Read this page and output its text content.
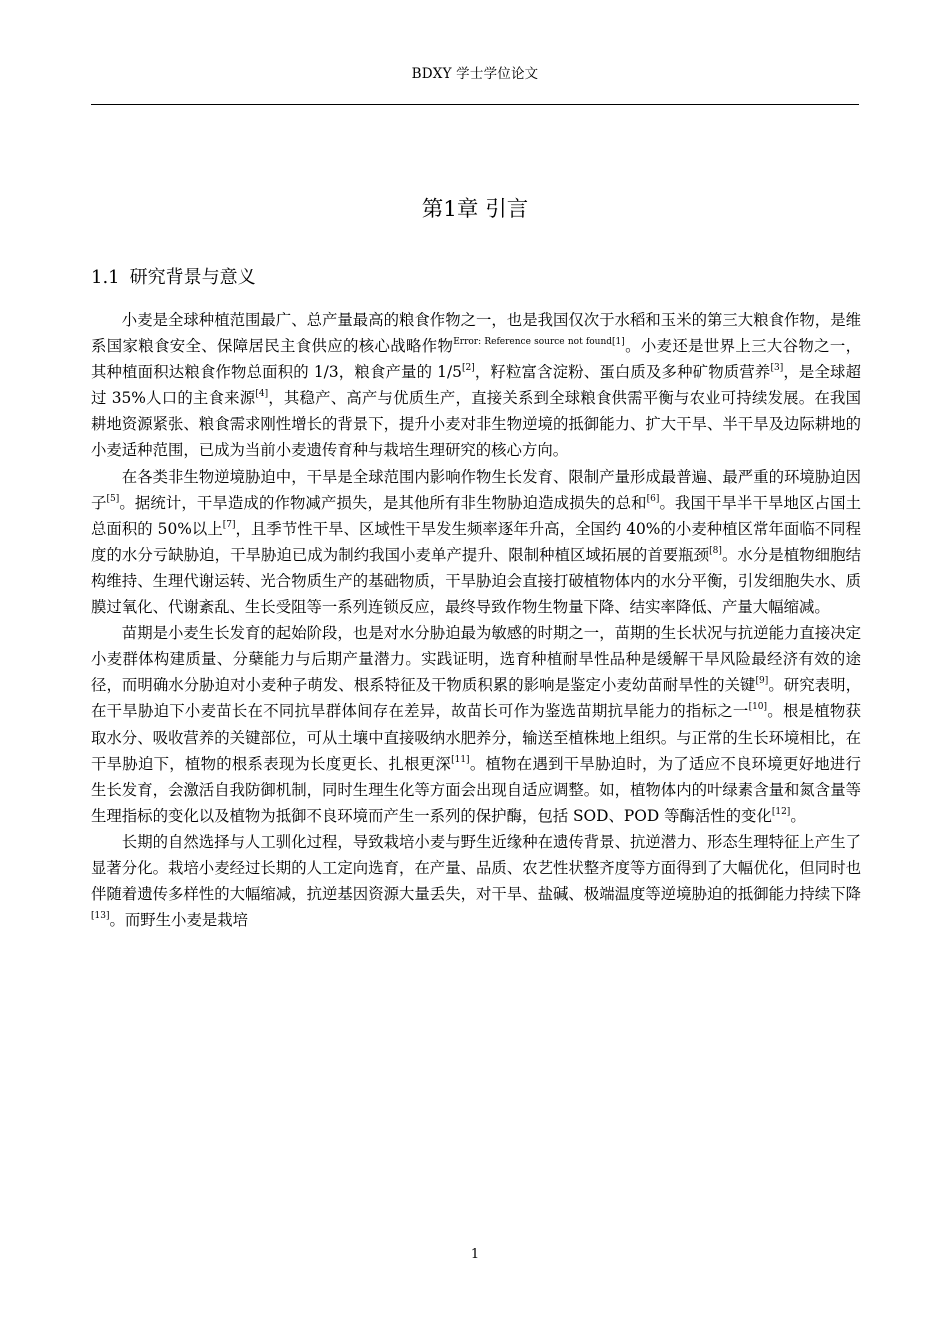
BDXY 学士学位论文
第1章 引言
1.1 研究背景与意义

小麦是全球种植范围最广、总产量最高的粮食作物之一，也是我国仅次于水稻和玉米的第三大粮食作物，是维系国家粮食安全、保障居民主食供应的核心战略作物$^{Error: Reference source not found[1]}$。小麦还是世界上三大谷物之一，其种植面积达粮食作物总面积的 1/3，粮食产量的 1/5[2]，籽粒富含淀粉、蛋白质及多种矿物质营养[3]，是全球超过 35%人口的主食来源[4]，其稳产、高产与优质生产，直接关系到全球粮食供需平衡与农业可持续发展。在我国耕地资源紧张、粮食需求刚性增长的背景下，提升小麦对非生物逆境的抵御能力、扩大干旱、半干旱及边际耕地的小麦适种范围，已成为当前小麦遗传育种与栽培生理研究的核心方向。

在各类非生物逆境胁迫中，干旱是全球范围内影响作物生长发育、限制产量形成最普遍、最严重的环境胁迫因子[5]。据统计，干旱造成的作物减产损失，是其他所有非生物胁迫造成损失的总和[6]。我国干旱半干旱地区占国土总面积的 50%以上[7]，且季节性干旱、区域性干旱发生频率逐年升高，全国约 40%的小麦种植区常年面临不同程度的水分亏缺胁迫，干旱胁迫已成为制约我国小麦单产提升、限制种植区域拓展的首要瓶颈[8]。水分是植物细胞结构维持、生理代谢运转、光合物质生产的基础物质，干旱胁迫会直接打破植物体内的水分平衡，引发细胞失水、质膜过氧化、代谢紊乱、生长受阻等一系列连锁反应，最终导致作物生物量下降、结实率降低、产量大幅缩减。

苗期是小麦生长发育的起始阶段，也是对水分胁迫最为敏感的时期之一，苗期的生长状况与抗逆能力直接决定小麦群体构建质量、分蘖能力与后期产量潜力。实践证明，选育种植耐旱性品种是缓解干旱风险最经济有效的途径，而明确水分胁迫对小麦种子萌发、根系特征及干物质积累的影响是鉴定小麦幼苗耐旱性的关键[9]。研究表明，在干旱胁迫下小麦苗长在不同抗旱群体间存在差异，故苗长可作为鉴选苗期抗旱能力的指标之一[10]。根是植物获取水分、吸收营养的关键部位，可从土壤中直接吸纳水肥养分，输送至植株地上组织。与正常的生长环境相比，在干旱胁迫下，植物的根系表现为长度更长、扎根更深[11]。植物在遇到干旱胁迫时，为了适应不良环境更好地进行生长发育，会激活自我防御机制，同时生理生化等方面会出现自适应调整。如，植物体内的叶绿素含量和氮含量等生理指标的变化以及植物为抵御不良环境而产生一系列的保护酶，包括 SOD、POD 等酶活性的变化[12]。

长期的自然选择与人工驯化过程，导致栽培小麦与野生近缘种在遗传背景、抗逆潜力、形态生理特征上产生了显著分化。栽培小麦经过长期的人工定向选育，在产量、品质、农艺性状整齐度等方面得到了大幅优化，但同时也伴随着遗传多样性的大幅缩减，抗逆基因资源大量丢失，对干旱、盐碱、极端温度等逆境胁迫的抵御能力持续下降[13]。而野生小麦是栽培

1
